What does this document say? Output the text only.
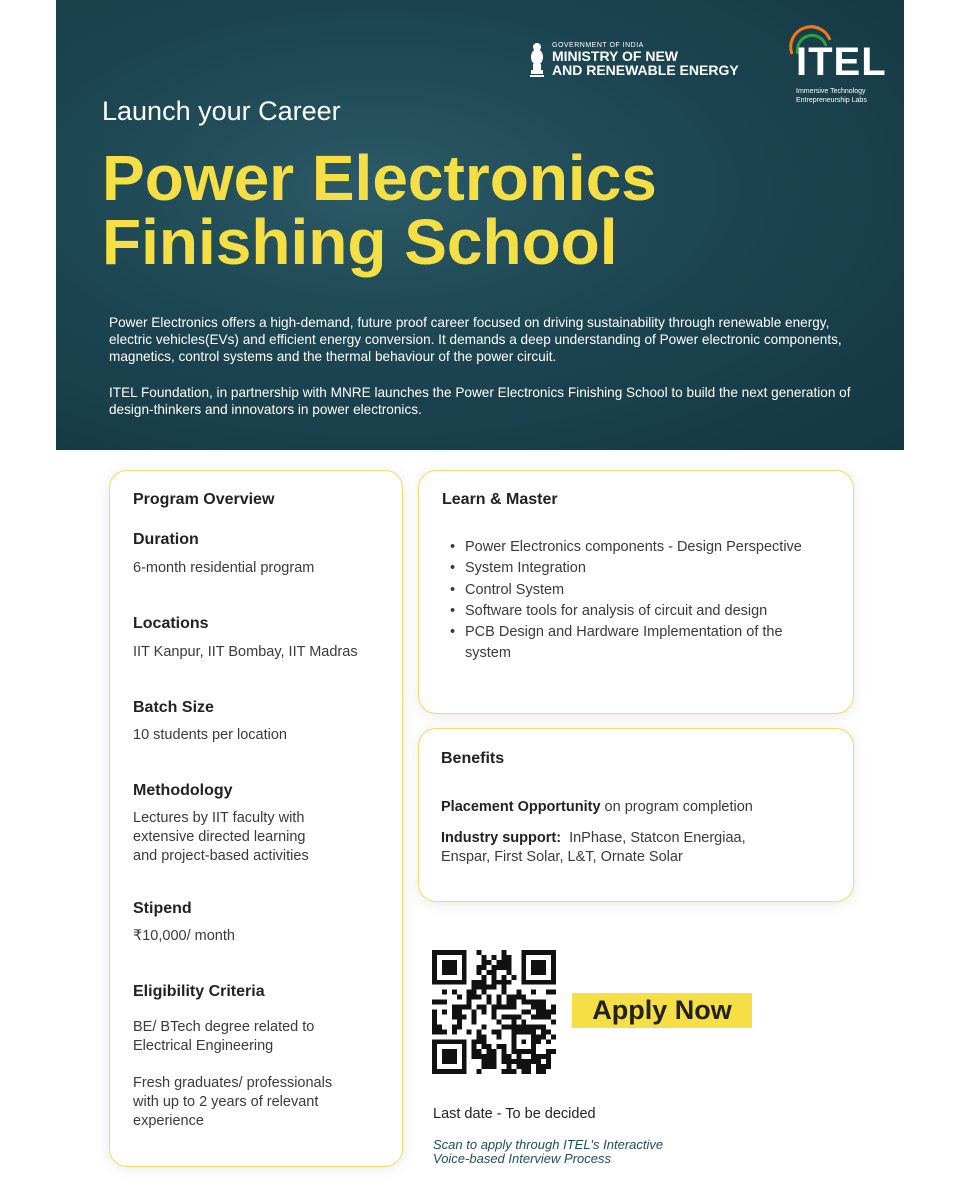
GOVERNMENT OF INDIA
MINISTRY OF NEW
AND RENEWABLE ENERGY ITEL
Immersive Technology
Entrepreneurship Labs
Launch your Career
Power Electronics
Finishing School

Power Electronics offers a high-demand, future proof career focused on driving sustainability through renewable energy, electric vehicles(EVs) and efficient energy conversion. It demands a deep understanding of Power electronic components, magnetics, control systems and the thermal behaviour of the power circuit.

ITEL Foundation, in partnership with MNRE launches the Power Electronics Finishing School to build the next generation of design-thinkers and innovators in power electronics.

Program Overview
Duration
6-month residential program
Locations
IIT Kanpur, IIT Bombay, IIT Madras
Batch Size
10 students per location
Methodology
Lectures by IIT faculty with
extensive directed learning
and project-based activities
Stipend
₹10,000/ month
Eligibility Criteria
BE/ BTech degree related to
Electrical Engineering
Fresh graduates/ professionals
with up to 2 years of relevant
experience
Learn & Master
• Power Electronics components - Design Perspective
• System Integration
• Control System
• Software tools for analysis of circuit and design
• PCB Design and Hardware Implementation of the system
Benefits
Placement Opportunity on program completion
Industry support:  InPhase, Statcon Energiaa,
Enspar, First Solar, L&T, Ornate Solar
Apply Now
Last date - To be decided
Scan to apply through ITEL's Interactive
Voice-based Interview Process
